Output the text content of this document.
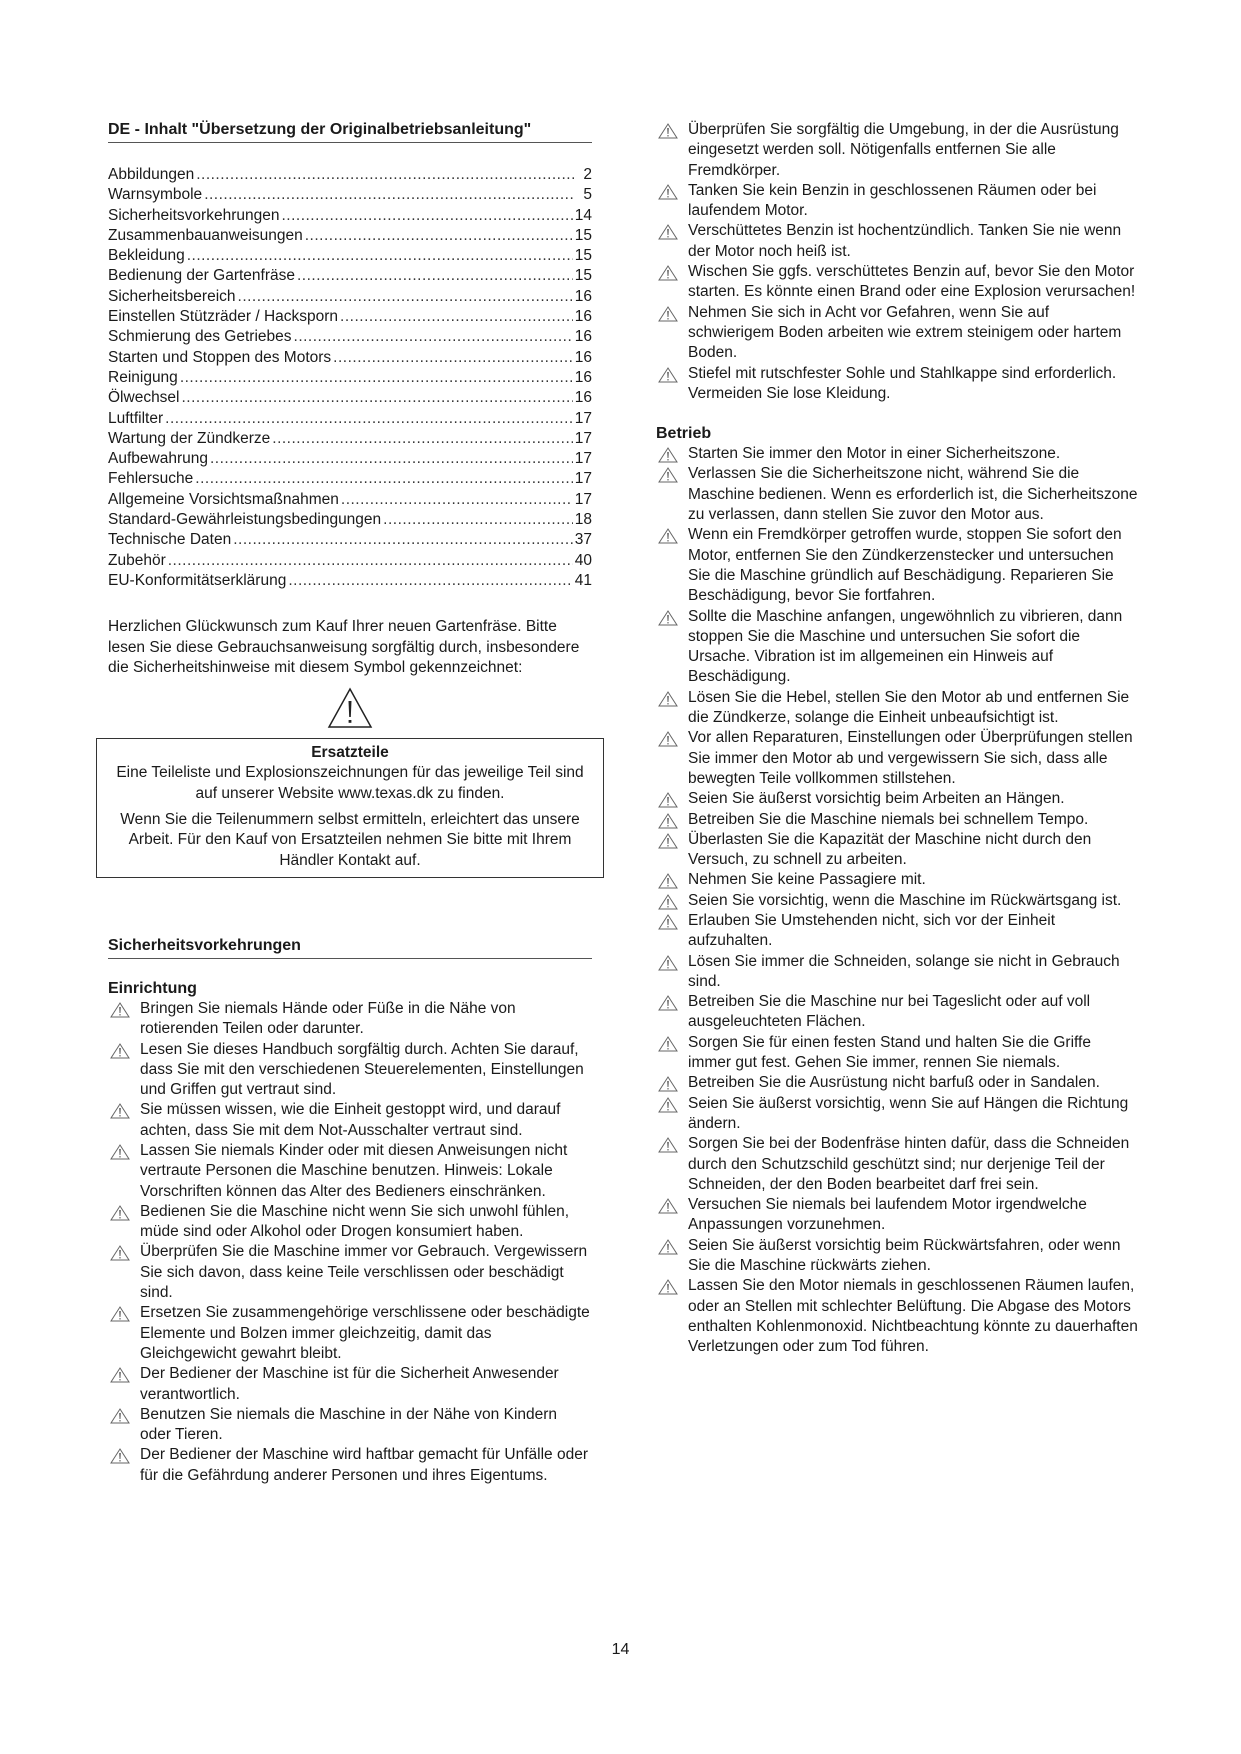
DE - Inhalt "Übersetzung der Originalbetriebsanleitung"
Abbildungen .....	2
Warnsymbole .....	5
Sicherheitsvorkehrungen .....	14
Zusammenbauanweisungen .....	15
Bekleidung .....	15
Bedienung der Gartenfräse .....	15
Sicherheitsbereich .....	16
Einstellen Stützräder / Hacksporn .....	16
Schmierung des Getriebes .....	16
Starten und Stoppen des Motors .....	16
Reinigung .....	16
Ölwechsel .....	16
Luftfilter .....	17
Wartung der Zündkerze .....	17
Aufbewahrung .....	17
Fehlersuche .....	17
Allgemeine Vorsichtsmaßnahmen .....	17
Standard-Gewährleistungsbedingungen .....	18
Technische Daten .....	37
Zubehör .....	40
EU-Konformitätserklärung .....	41

Herzlichen Glückwunsch zum Kauf Ihrer neuen Gartenfräse. Bitte lesen Sie diese Gebrauchsanweisung sorgfältig durch, insbesondere die Sicherheitshinweise mit diesem Symbol gekennzeichnet:

Ersatzteile

Eine Teileliste und Explosionszeichnungen für das jeweilige Teil sind auf unserer Website www.texas.dk zu finden.

Wenn Sie die Teilenummern selbst ermitteln, erleichtert das unsere Arbeit. Für den Kauf von Ersatzteilen nehmen Sie bitte mit Ihrem Händler Kontakt auf.

Sicherheitsvorkehrungen
Einrichtung
Bringen Sie niemals Hände oder Füße in die Nähe von rotierenden Teilen oder darunter.
Lesen Sie dieses Handbuch sorgfältig durch. Achten Sie darauf, dass Sie mit den verschiedenen Steuerelementen, Einstellungen und Griffen gut vertraut sind.
Sie müssen wissen, wie die Einheit gestoppt wird, und darauf achten, dass Sie mit dem Not-Ausschalter vertraut sind.
Lassen Sie niemals Kinder oder mit diesen Anweisungen nicht vertraute Personen die Maschine benutzen. Hinweis: Lokale Vorschriften können das Alter des Bedieners einschränken.
Bedienen Sie die Maschine nicht wenn Sie sich unwohl fühlen, müde sind oder Alkohol oder Drogen konsumiert haben.
Überprüfen Sie die Maschine immer vor Gebrauch. Vergewissern Sie sich davon, dass keine Teile verschlissen oder beschädigt sind.
Ersetzen Sie zusammengehörige verschlissene oder beschädigte Elemente und Bolzen immer gleichzeitig, damit das Gleichgewicht gewahrt bleibt.
Der Bediener der Maschine ist für die Sicherheit Anwesender verantwortlich.
Benutzen Sie niemals die Maschine in der Nähe von Kindern oder Tieren.
Der Bediener der Maschine wird haftbar gemacht für Unfälle oder für die Gefährdung anderer Personen und ihres Eigentums.
Überprüfen Sie sorgfältig die Umgebung, in der die Ausrüstung eingesetzt werden soll. Nötigenfalls entfernen Sie alle Fremdkörper.
Tanken Sie kein Benzin in geschlossenen Räumen oder bei laufendem Motor.
Verschüttetes Benzin ist hochentzündlich. Tanken Sie nie wenn der Motor noch heiß ist.
Wischen Sie ggfs. verschüttetes Benzin auf, bevor Sie den Motor starten. Es könnte einen Brand oder eine Explosion verursachen!
Nehmen Sie sich in Acht vor Gefahren, wenn Sie auf schwierigem Boden arbeiten wie extrem steinigem oder hartem Boden.
Stiefel mit rutschfester Sohle und Stahlkappe sind erforderlich. Vermeiden Sie lose Kleidung.
Betrieb
Starten Sie immer den Motor in einer Sicherheitszone.
Verlassen Sie die Sicherheitszone nicht, während Sie die Maschine bedienen. Wenn es erforderlich ist, die Sicherheitszone zu verlassen, dann stellen Sie zuvor den Motor aus.
Wenn ein Fremdkörper getroffen wurde, stoppen Sie sofort den Motor, entfernen Sie den Zündkerzenstecker und untersuchen Sie die Maschine gründlich auf Beschädigung. Reparieren Sie Beschädigung, bevor Sie fortfahren.
Sollte die Maschine anfangen, ungewöhnlich zu vibrieren, dann stoppen Sie die Maschine und untersuchen Sie sofort die Ursache. Vibration ist im allgemeinen ein Hinweis auf Beschädigung.
Lösen Sie die Hebel, stellen Sie den Motor ab und entfernen Sie die Zündkerze, solange die Einheit unbeaufsichtigt ist.
Vor allen Reparaturen, Einstellungen oder Überprüfungen stellen Sie immer den Motor ab und vergewissern Sie sich, dass alle bewegten Teile vollkommen stillstehen.
Seien Sie äußerst vorsichtig beim Arbeiten an Hängen.
Betreiben Sie die Maschine niemals bei schnellem Tempo.
Überlasten Sie die Kapazität der Maschine nicht durch den Versuch, zu schnell zu arbeiten.
Nehmen Sie keine Passagiere mit.
Seien Sie vorsichtig, wenn die Maschine im Rückwärtsgang ist.
Erlauben Sie Umstehenden nicht, sich vor der Einheit aufzuhalten.
Lösen Sie immer die Schneiden, solange sie nicht in Gebrauch sind.
Betreiben Sie die Maschine nur bei Tageslicht oder auf voll ausgeleuchteten Flächen.
Sorgen Sie für einen festen Stand und halten Sie die Griffe immer gut fest. Gehen Sie immer, rennen Sie niemals.
Betreiben Sie die Ausrüstung nicht barfuß oder in Sandalen.
Seien Sie äußerst vorsichtig, wenn Sie auf Hängen die Richtung ändern.
Sorgen Sie bei der Bodenfräse hinten dafür, dass die Schneiden durch den Schutzschild geschützt sind; nur derjenige Teil der Schneiden, der den Boden bearbeitet darf frei sein.
Versuchen Sie niemals bei laufendem Motor irgendwelche Anpassungen vorzunehmen.
Seien Sie äußerst vorsichtig beim Rückwärtsfahren, oder wenn Sie die Maschine rückwärts ziehen.
Lassen Sie den Motor niemals in geschlossenen Räumen laufen, oder an Stellen mit schlechter Belüftung. Die Abgase des Motors enthalten Kohlenmonoxid. Nichtbeachtung könnte zu dauerhaften Verletzungen oder zum Tod führen.
14
